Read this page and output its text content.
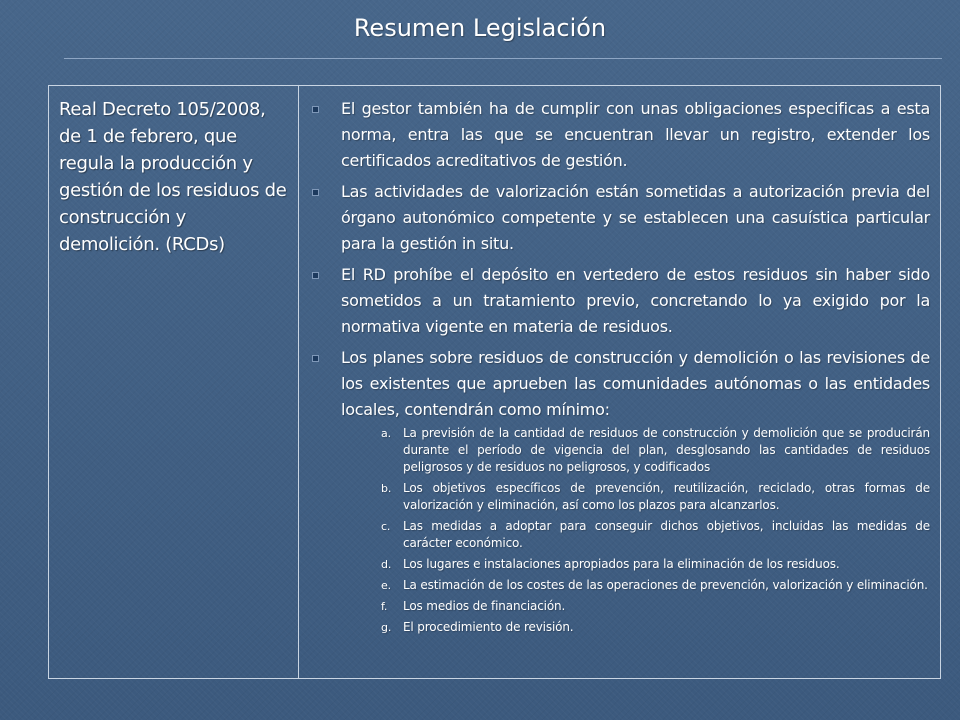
Resumen Legislación
Real Decreto 105/2008, de 1 de febrero, que regula la producción y gestión de los residuos de construcción y demolición. (RCDs)

El gestor también ha de cumplir con unas obligaciones especificas a esta norma, entra las que se encuentran llevar un registro, extender los certificados acreditativos de gestión.
Las actividades de valorización están sometidas a autorización previa del órgano autonómico competente y se establecen una casuística particular para la gestión in situ.
El RD prohíbe el depósito en vertedero de estos residuos sin haber sido sometidos a un tratamiento previo, concretando lo ya exigido por la normativa vigente en materia de residuos.
Los planes sobre residuos de construcción y demolición o las revisiones de los existentes que aprueben las comunidades autónomas o las entidades locales, contendrán como mínimo:
a.	La previsión de la cantidad de residuos de construcción y demolición que se producirán durante el período de vigencia del plan, desglosando las cantidades de residuos peligrosos y de residuos no peligrosos, y codificados
b. Los objetivos específicos de prevención, reutilización, reciclado, otras formas de valorización y eliminación, así como los plazos para alcanzarlos.
c.	Las medidas a adoptar para conseguir dichos objetivos, incluidas las medidas de carácter económico.
d. Los lugares e instalaciones apropiados para la eliminación de los residuos.
e.	La estimación de los costes de las operaciones de prevención, valorización y eliminación.
f.	Los medios de financiación.
g. El procedimiento de revisión.
